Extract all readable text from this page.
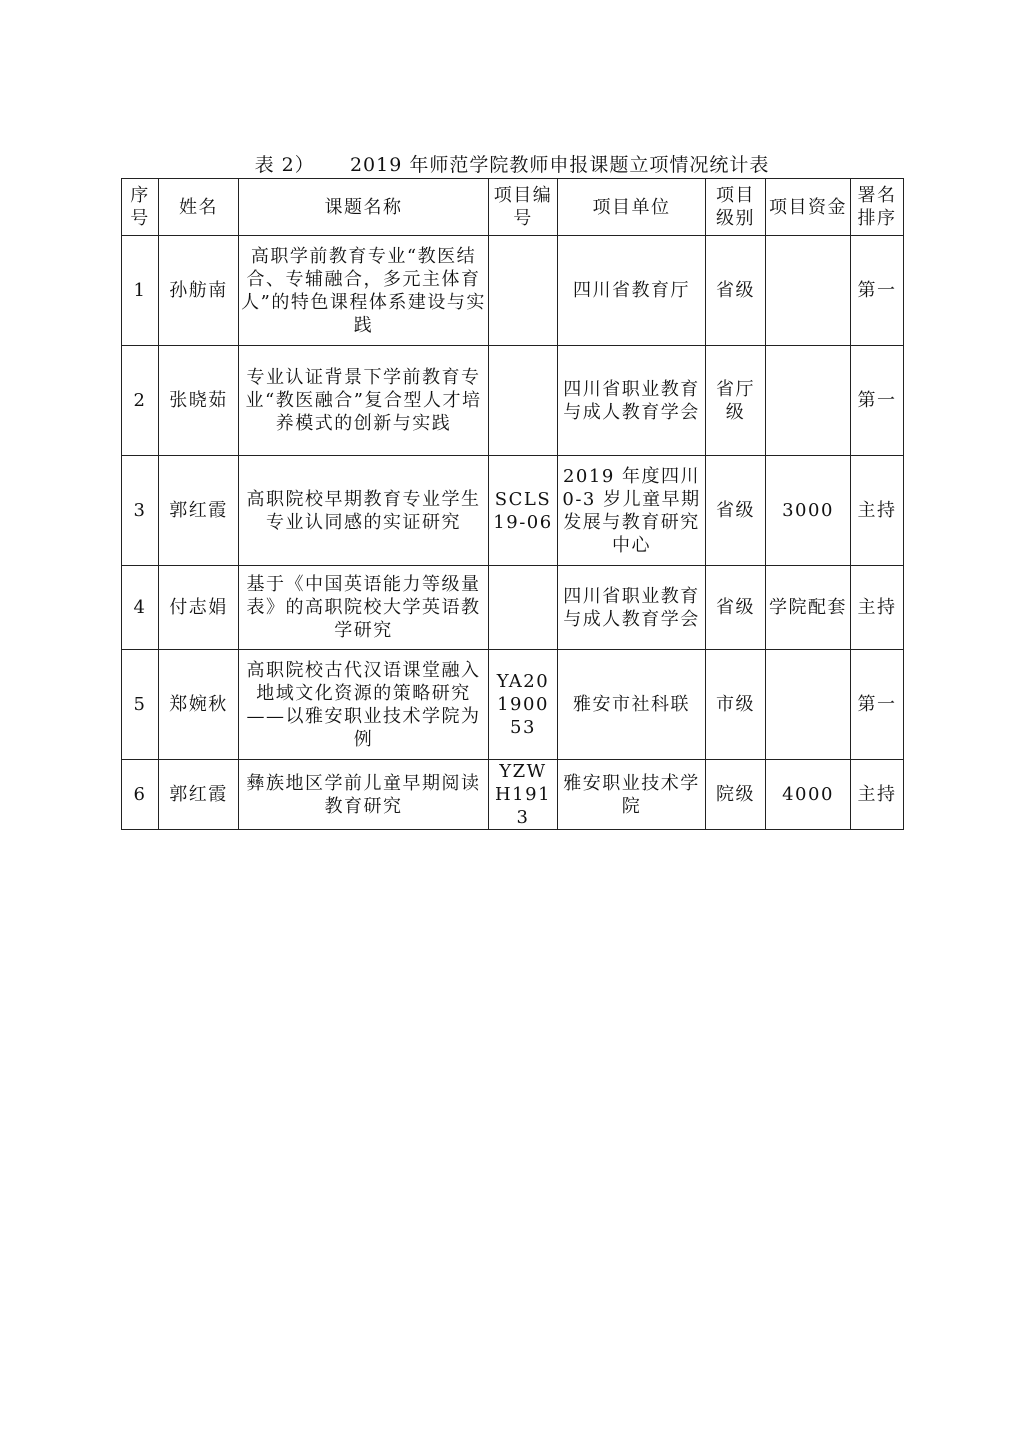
表 2）     2019 年师范学院教师申报课题立项情况统计表
序号	姓名	课题名称	项目编号	项目单位	项目级别	项目资金	署名排序
1	孙舫南	高职学前教育专业“教医结合、专辅融合，多元主体育人”的特色课程体系建设与实践		四川省教育厅	省级		第一
2	张晓茹	专业认证背景下学前教育专业“教医融合”复合型人才培养模式的创新与实践		四川省职业教育与成人教育学会	省厅级		第一
3	郭红霞	高职院校早期教育专业学生专业认同感的实证研究	SCLS19-06	2019 年度四川 0-3 岁儿童早期发展与教育研究中心	省级	3000	主持
4	付志娟	基于《中国英语能力等级量表》的高职院校大学英语教学研究		四川省职业教育与成人教育学会	省级	学院配套	主持
5	郑婉秋	高职院校古代汉语课堂融入地域文化资源的策略研究——以雅安职业技术学院为例	YA20190053	雅安市社科联	市级		第一
6	郭红霞	彝族地区学前儿童早期阅读教育研究	YZWH1913	雅安职业技术学院	院级	4000	主持
